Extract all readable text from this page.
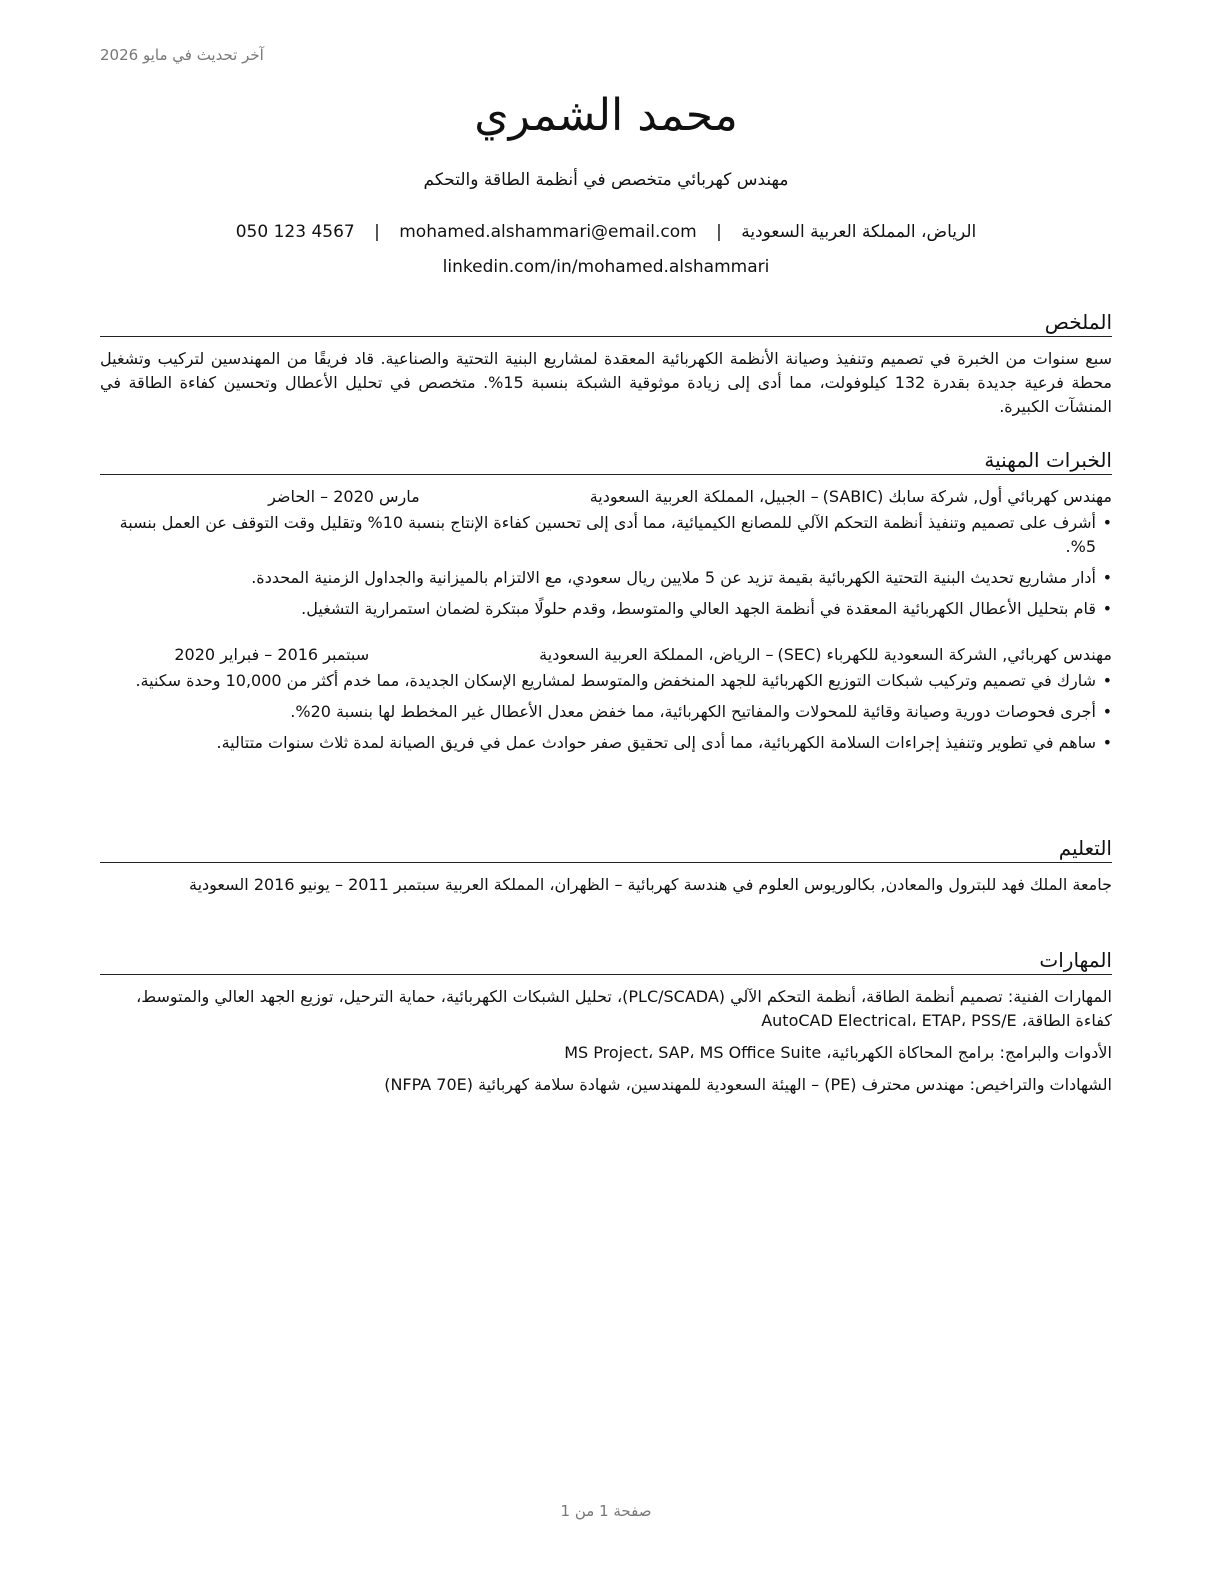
آخر تحديث في مايو 2026
محمد الشمري
مهندس كهربائي متخصص في أنظمة الطاقة والتحكم
الرياض، المملكة العربية السعودية | mohamed.alshammari@email.com | 050 123 4567
linkedin.com/in/mohamed.alshammari
الملخص

سبع سنوات من الخبرة في تصميم وتنفيذ وصيانة الأنظمة الكهربائية المعقدة لمشاريع البنية التحتية والصناعية. قاد فريقًا من المهندسين لتركيب وتشغيل محطة فرعية جديدة بقدرة 132 كيلوفولت، مما أدى إلى زيادة موثوقية الشبكة بنسبة 15%. متخصص في تحليل الأعطال وتحسين كفاءة الطاقة في المنشآت الكبيرة.

الخبرات المهنية
مهندس كهربائي أول, شركة سابك (SABIC)
– الجبيل، المملكة العربية السعودية
مارس 2020 – الحاضر
• أشرف على تصميم وتنفيذ أنظمة التحكم الآلي للمصانع الكيميائية، مما أدى إلى تحسين كفاءة الإنتاج بنسبة 10% وتقليل وقت التوقف عن العمل بنسبة 5%.
• أدار مشاريع تحديث البنية التحتية الكهربائية بقيمة تزيد عن 5 ملايين ريال سعودي، مع الالتزام بالميزانية والجداول الزمنية المحددة.
• قام بتحليل الأعطال الكهربائية المعقدة في أنظمة الجهد العالي والمتوسط، وقدم حلولًا مبتكرة لضمان استمرارية التشغيل.
مهندس كهربائي, الشركة السعودية للكهرباء (SEC)
– الرياض، المملكة العربية السعودية
سبتمبر 2016 – فبراير 2020
• شارك في تصميم وتركيب شبكات التوزيع الكهربائية للجهد المنخفض والمتوسط لمشاريع الإسكان الجديدة، مما خدم أكثر من 10,000 وحدة سكنية.
• أجرى فحوصات دورية وصيانة وقائية للمحولات والمفاتيح الكهربائية، مما خفض معدل الأعطال غير المخطط لها بنسبة 20%.
• ساهم في تطوير وتنفيذ إجراءات السلامة الكهربائية، مما أدى إلى تحقيق صفر حوادث عمل في فريق الصيانة لمدة ثلاث سنوات متتالية.
التعليم
جامعة الملك فهد للبترول والمعادن, بكالوريوس العلوم في هندسة كهربائية – الظهران، المملكة العربية سبتمبر 2011 – يونيو 2016 السعودية
المهارات
المهارات الفنية: تصميم أنظمة الطاقة، أنظمة التحكم الآلي (PLC/SCADA)، تحليل الشبكات الكهربائية، حماية الترحيل، توزيع الجهد العالي والمتوسط، كفاءة الطاقة، AutoCAD Electrical، ETAP، PSS/E
الأدوات والبرامج: برامج المحاكاة الكهربائية، MS Project، SAP، MS Office Suite
الشهادات والتراخيص: مهندس محترف (PE) – الهيئة السعودية للمهندسين، شهادة سلامة كهربائية (NFPA 70E)
صفحة 1 من 1
